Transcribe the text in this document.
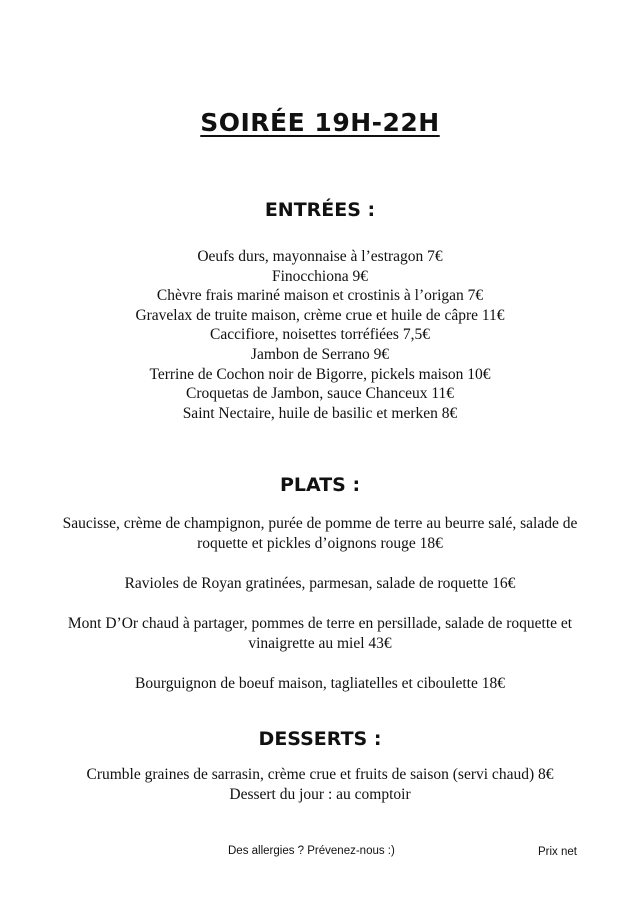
SOIRÉE 19H-22H
ENTRÉES :
Oeufs durs, mayonnaise à l’estragon 7€
Finocchiona 9€
Chèvre frais mariné maison et crostinis à l’origan 7€
Gravelax de truite maison, crème crue et huile de câpre 11€
Caccifiore, noisettes torréfiées 7,5€
Jambon de Serrano 9€
Terrine de Cochon noir de Bigorre, pickels maison 10€
Croquetas de Jambon, sauce Chanceux 11€
Saint Nectaire, huile de basilic et merken 8€
PLATS :
Saucisse, crème de champignon, purée de pomme de terre au beurre salé, salade de roquette et pickles d’oignons rouge 18€
Ravioles de Royan gratinées, parmesan, salade de roquette 16€
Mont D’Or chaud à partager, pommes de terre en persillade, salade de roquette et vinaigrette au miel 43€
Bourguignon de boeuf maison, tagliatelles et ciboulette 18€
DESSERTS :
Crumble graines de sarrasin, crème crue et fruits de saison (servi chaud) 8€
Dessert du jour : au comptoir
Des allergies ? Prévenez-nous :)	Prix net
